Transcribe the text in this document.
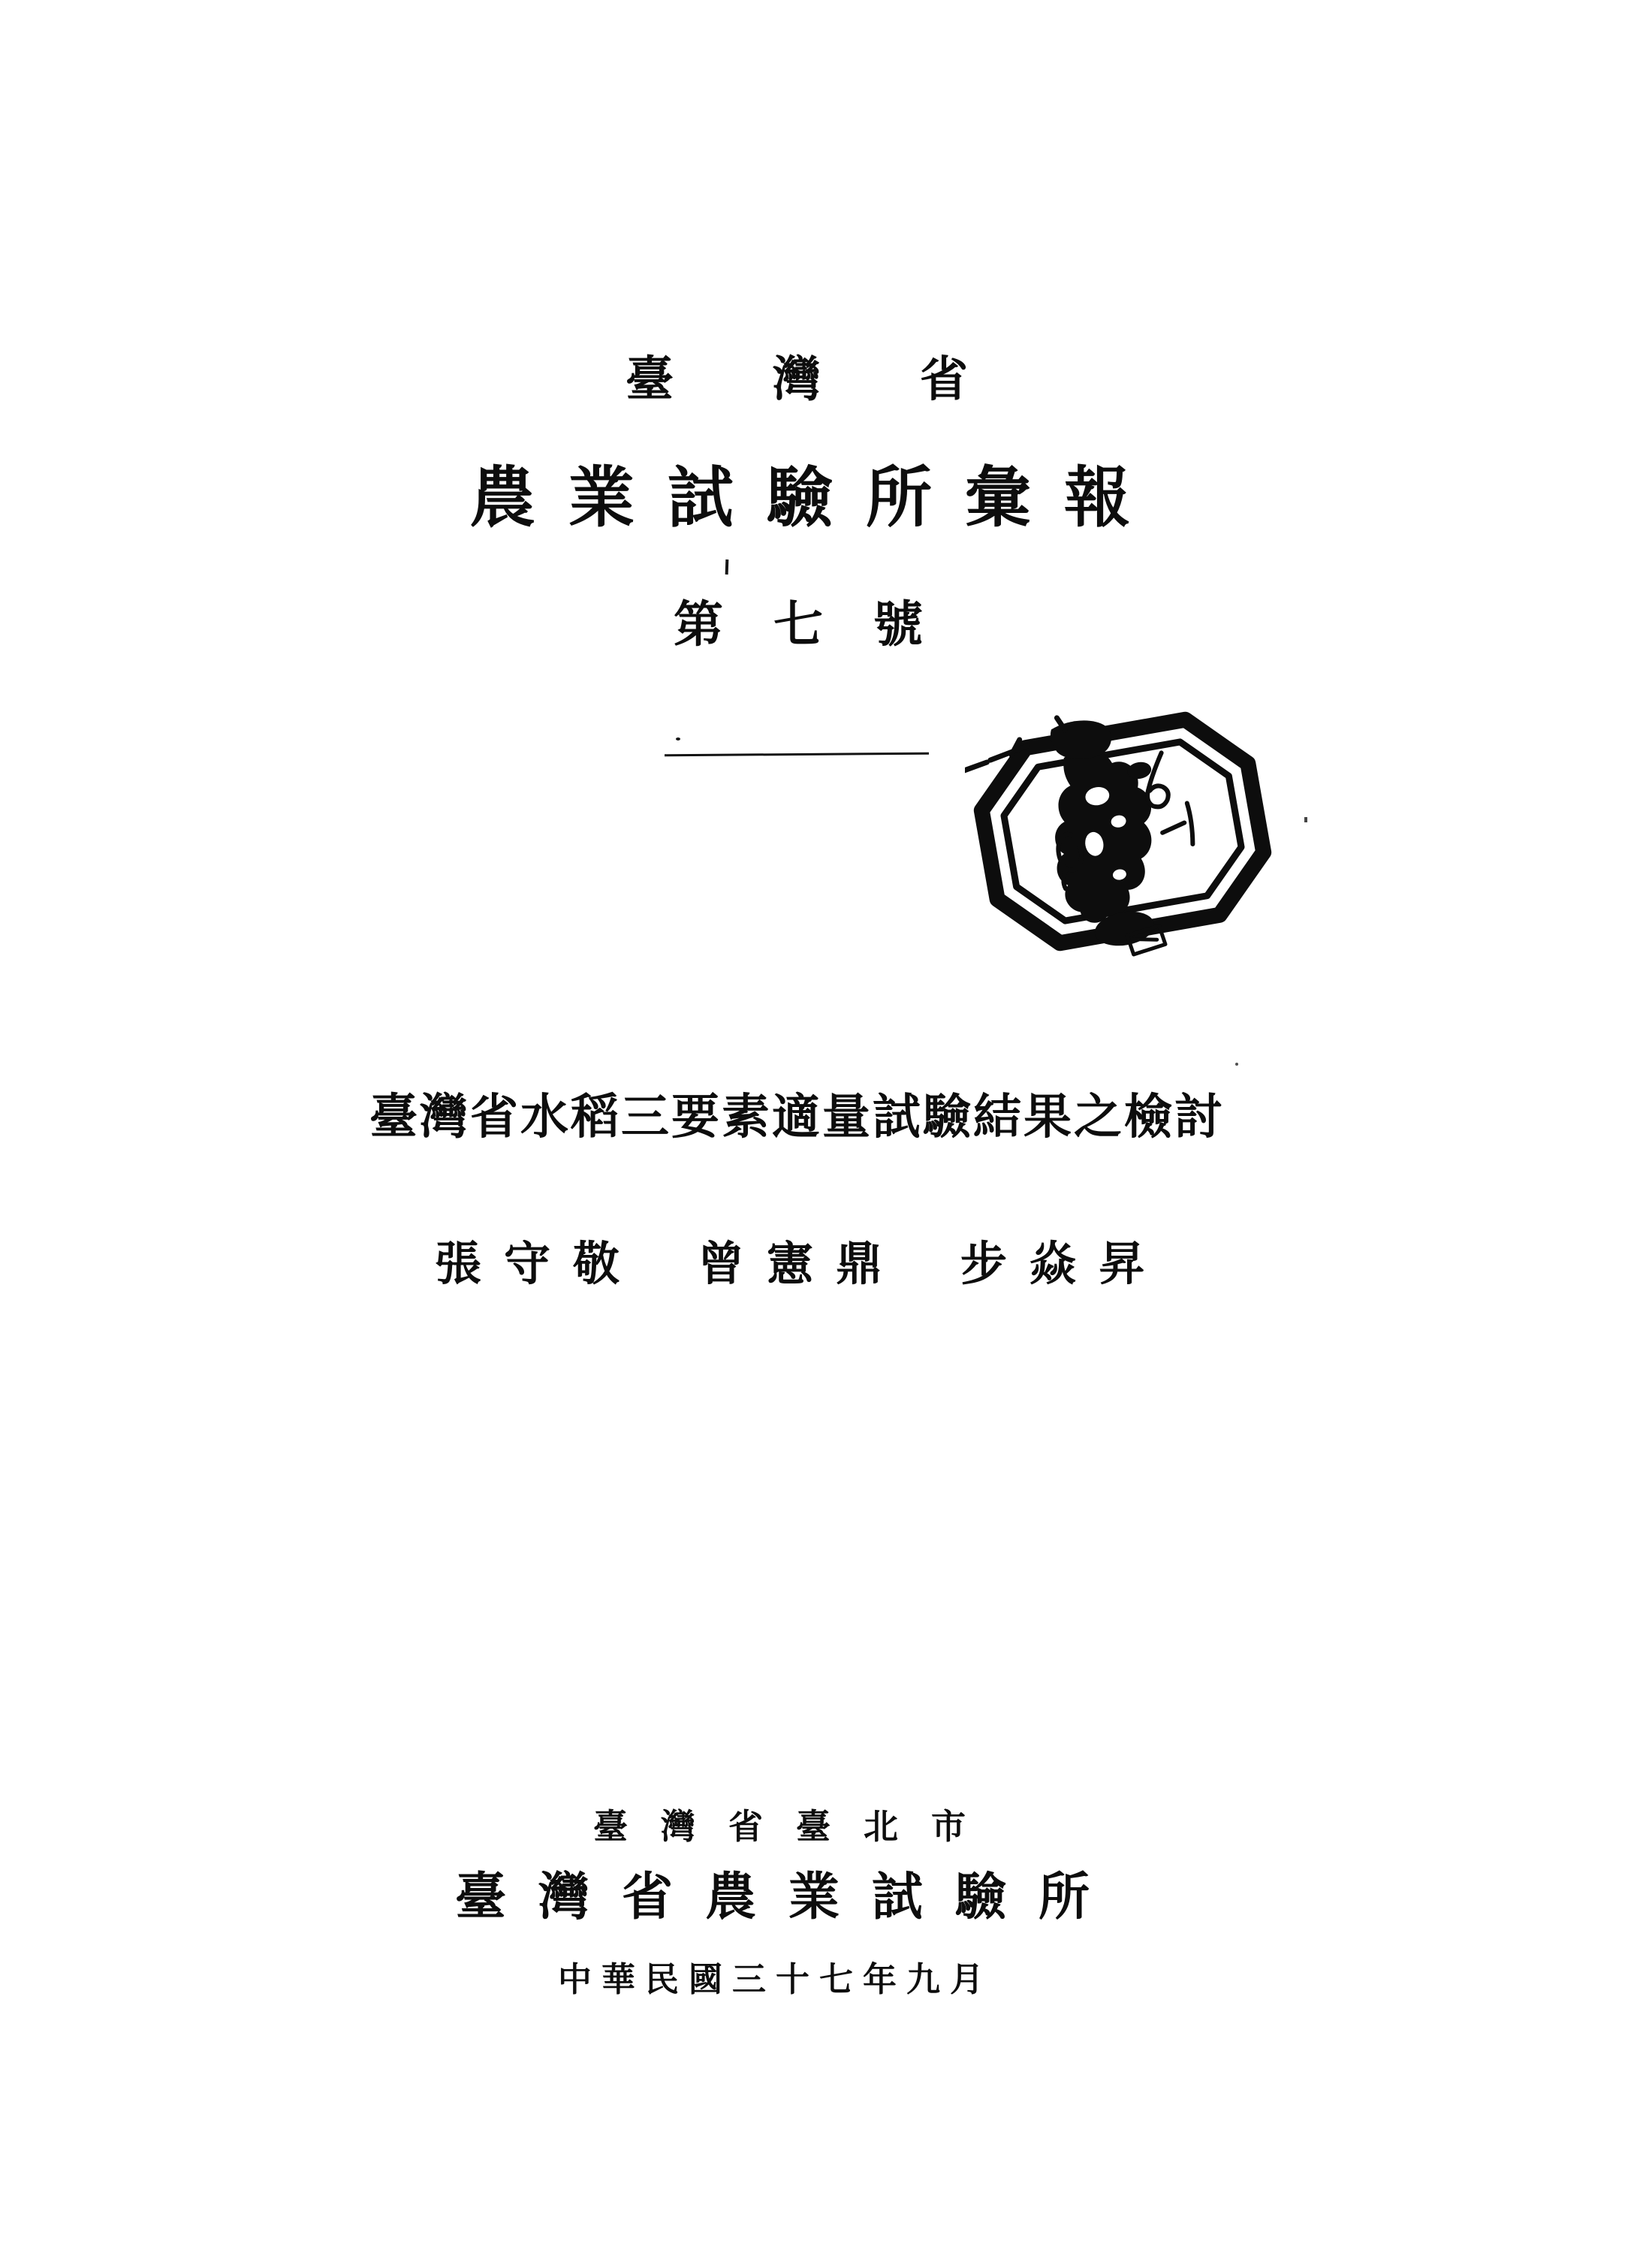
臺灣省
農業試驗所彙報
第七號
臺灣省水稻三要素適量試驗結果之檢討
張守敬 曾憲鼎 步焱昇
臺灣省臺北市
臺灣省農業試驗所
中華民國三十七年九月
